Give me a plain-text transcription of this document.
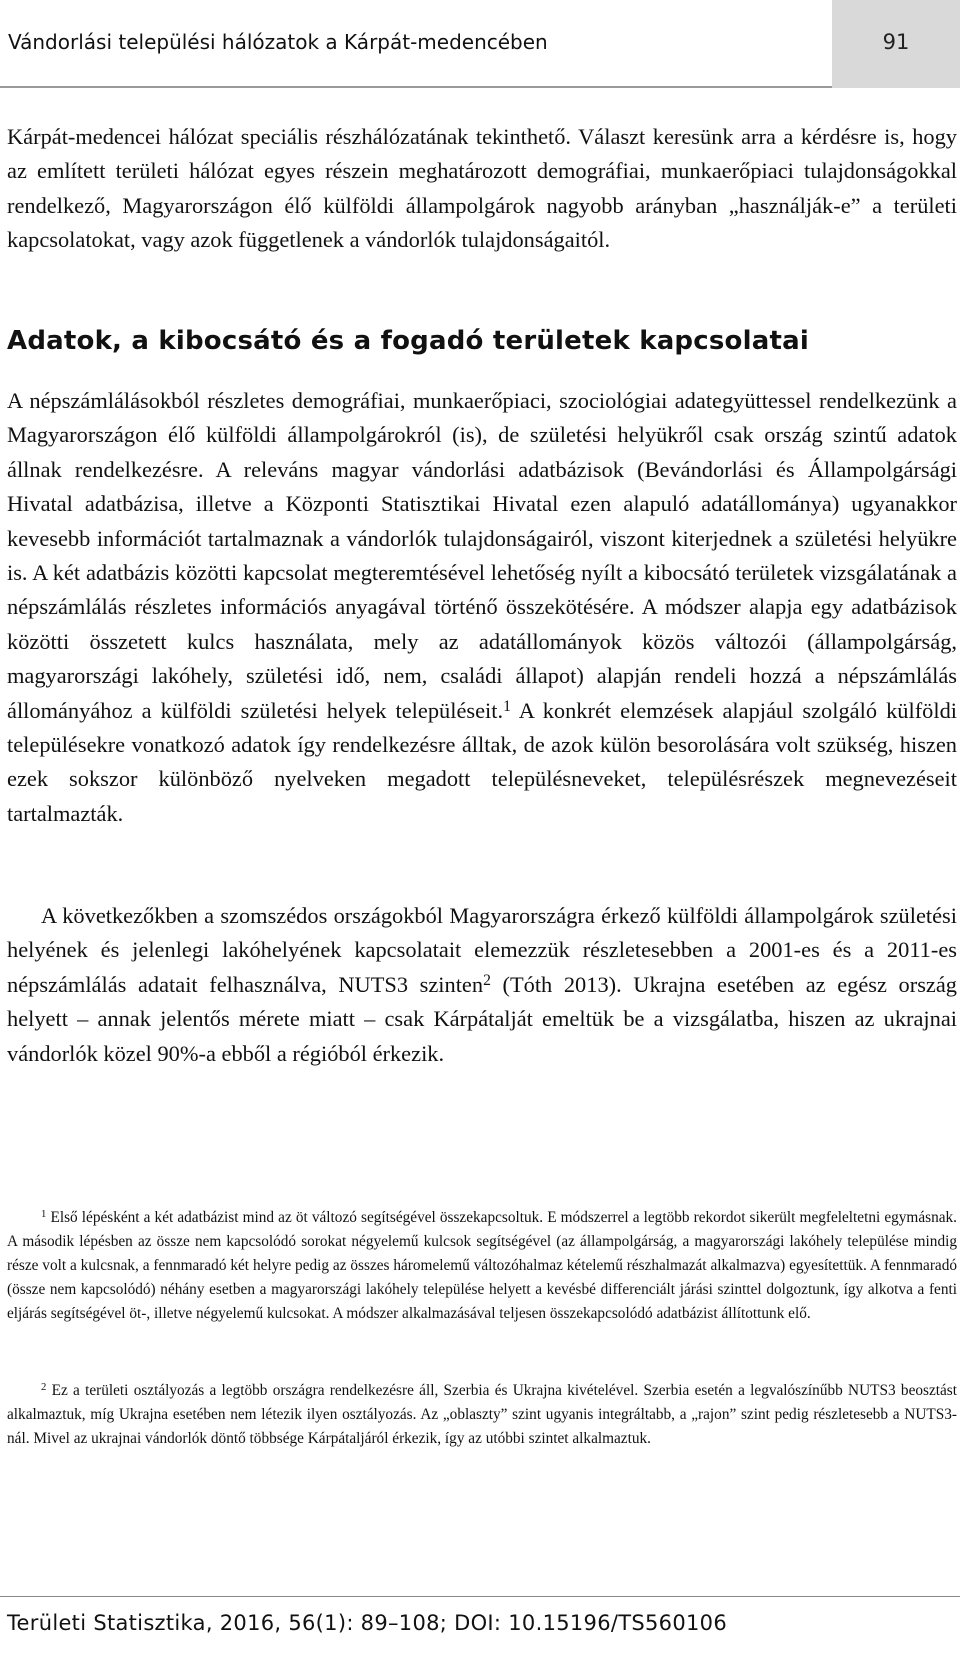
Vándorlási települési hálózatok a Kárpát-medencében	91
Kárpát-medencei hálózat speciális részhálózatának tekinthető. Választ keresünk arra a kérdésre is, hogy az említett területi hálózat egyes részein meghatározott demográfiai, munkaerőpiaci tulajdonságokkal rendelkező, Magyarországon élő külföldi állampolgárok nagyobb arányban „használják-e” a területi kapcsolatokat, vagy azok függetlenek a vándorlók tulajdonságaitól.
Adatok, a kibocsátó és a fogadó területek kapcsolatai
A népszámlálásokból részletes demográfiai, munkaerőpiaci, szociológiai adategyüttessel rendelkezünk a Magyarországon élő külföldi állampolgárokról (is), de születési helyükről csak ország szintű adatok állnak rendelkezésre. A releváns magyar vándorlási adatbázisok (Bevándorlási és Állampolgársági Hivatal adatbázisa, illetve a Központi Statisztikai Hivatal ezen alapuló adatállománya) ugyanakkor kevesebb információt tartalmaznak a vándorlók tulajdonságairól, viszont kiterjednek a születési helyükre is. A két adatbázis közötti kapcsolat megteremtésével lehetőség nyílt a kibocsátó területek vizsgálatának a népszámlálás részletes információs anyagával történő összekötésére. A módszer alapja egy adatbázisok közötti összetett kulcs használata, mely az adatállományok közös változói (állampolgárság, magyarországi lakóhely, születési idő, nem, családi állapot) alapján rendeli hozzá a népszámlálás állományához a külföldi születési helyek településeit.$^1$ A konkrét elemzések alapjául szolgáló külföldi településekre vonatkozó adatok így rendelkezésre álltak, de azok külön besorolására volt szükség, hiszen ezek sokszor különböző nyelveken megadott településneveket, településrészek megnevezéseit tartalmazták.
A következőkben a szomszédos országokból Magyarországra érkező külföldi állampolgárok születési helyének és jelenlegi lakóhelyének kapcsolatait elemezzük részletesebben a 2001-es és a 2011-es népszámlálás adatait felhasználva, NUTS3 szinten$^2$ (Tóth 2013). Ukrajna esetében az egész ország helyett – annak jelentős mérete miatt – csak Kárpátalját emeltük be a vizsgálatba, hiszen az ukrajnai vándorlók közel 90%-a ebből a régióból érkezik.
$^1$ Első lépésként a két adatbázist mind az öt változó segítségével összekapcsoltuk. E módszerrel a legtöbb rekordot sikerült megfeleltetni egymásnak. A második lépésben az össze nem kapcsolódó sorokat négyelemű kulcsok segítségével (az állampolgárság, a magyarországi lakóhely települése mindig része volt a kulcsnak, a fennmaradó két helyre pedig az összes háromelemű változóhalmaz kételemű részhalmazát alkalmazva) egyesítettük. A fennmaradó (össze nem kapcsolódó) néhány esetben a magyarországi lakóhely települése helyett a kevésbé differenciált járási szinttel dolgoztunk, így alkotva a fenti eljárás segítségével öt-, illetve négyelemű kulcsokat. A módszer alkalmazásával teljesen összekapcsolódó adatbázist állítottunk elő.
$^2$ Ez a területi osztályozás a legtöbb országra rendelkezésre áll, Szerbia és Ukrajna kivételével. Szerbia esetén a legvalószínűbb NUTS3 beosztást alkalmaztuk, míg Ukrajna esetében nem létezik ilyen osztályozás. Az „oblaszty” szint ugyanis integráltabb, a „rajon” szint pedig részletesebb a NUTS3-nál. Mivel az ukrajnai vándorlók döntő többsége Kárpátaljáról érkezik, így az utóbbi szintet alkalmaztuk.
Területi Statisztika, 2016, 56(1): 89–108; DOI: 10.15196/TS560106
